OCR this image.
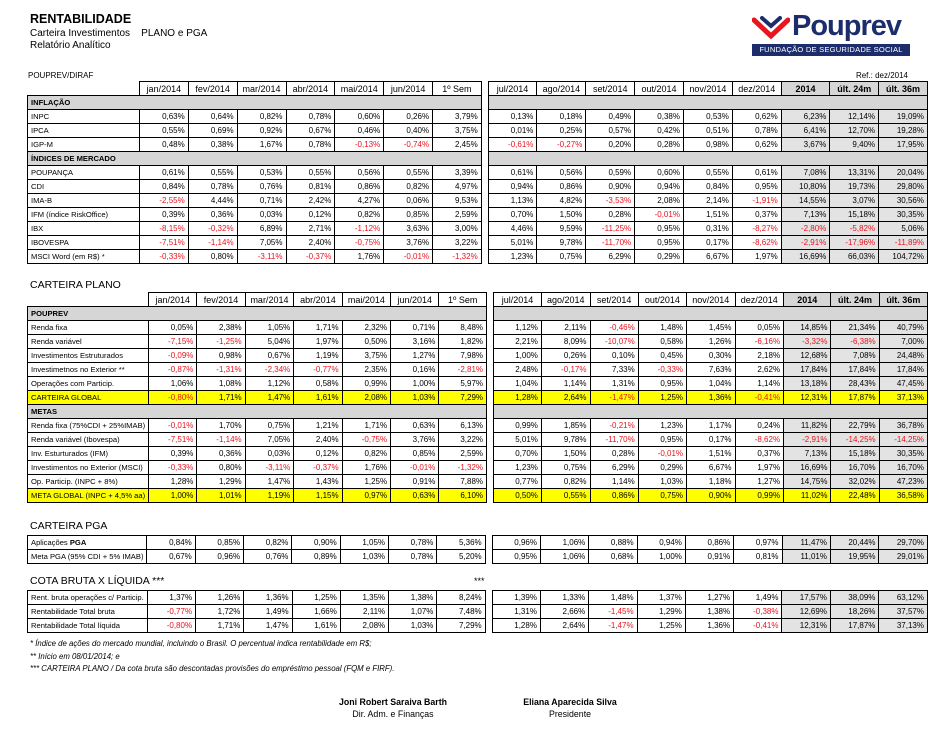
RENTABILIDADE
Carteira Investimentos PLANO e PGA
Relatório Analítico
Pouprev
FUNDAÇÃO DE SEGURIDADE SOCIAL
POUPREV/DIRAF	Ref.: dez/2014
	jan/2014	fev/2014	mar/2014	abr/2014	mai/2014	jun/2014	1º Sem		jul/2014	ago/2014	set/2014	out/2014	nov/2014	dez/2014	2014	últ. 24m	últ. 36m
INFLAÇÃO																	
INPC	0,63%	0,64%	0,82%	0,78%	0,60%	0,26%	3,79%		0,13%	0,18%	0,49%	0,38%	0,53%	0,62%	6,23%	12,14%	19,09%
IPCA	0,55%	0,69%	0,92%	0,67%	0,46%	0,40%	3,75%		0,01%	0,25%	0,57%	0,42%	0,51%	0,78%	6,41%	12,70%	19,28%
IGP-M	0,48%	0,38%	1,67%	0,78%	-0,13%	-0,74%	2,45%		-0,61%	-0,27%	0,20%	0,28%	0,98%	0,62%	3,67%	9,40%	17,95%
ÍNDICES DE MERCADO																	
POUPANÇA	0,61%	0,55%	0,53%	0,55%	0,56%	0,55%	3,39%		0,61%	0,56%	0,59%	0,60%	0,55%	0,61%	7,08%	13,31%	20,04%
CDI	0,84%	0,78%	0,76%	0,81%	0,86%	0,82%	4,97%		0,94%	0,86%	0,90%	0,94%	0,84%	0,95%	10,80%	19,73%	29,80%
IMA-B	-2,55%	4,44%	0,71%	2,42%	4,27%	0,06%	9,53%		1,13%	4,82%	-3,53%	2,08%	2,14%	-1,91%	14,55%	3,07%	30,56%
IFM (índice RiskOffice)	0,39%	0,36%	0,03%	0,12%	0,82%	0,85%	2,59%		0,70%	1,50%	0,28%	-0,01%	1,51%	0,37%	7,13%	15,18%	30,35%
IBX	-8,15%	-0,32%	6,89%	2,71%	-1,12%	3,63%	3,00%		4,46%	9,59%	-11,25%	0,95%	0,31%	-8,27%	-2,80%	-5,82%	5,06%
IBOVESPA	-7,51%	-1,14%	7,05%	2,40%	-0,75%	3,76%	3,22%		5,01%	9,78%	-11,70%	0,95%	0,17%	-8,62%	-2,91%	-17,96%	-11,89%
MSCI Word (em R$) *	-0,33%	0,80%	-3,11%	-0,37%	1,76%	-0,01%	-1,32%		1,23%	0,75%	6,29%	0,29%	6,67%	1,97%	16,69%	66,03%	104,72%
CARTEIRA PLANO
	jan/2014	fev/2014	mar/2014	abr/2014	mai/2014	jun/2014	1º Sem		jul/2014	ago/2014	set/2014	out/2014	nov/2014	dez/2014	2014	últ. 24m	últ. 36m
POUPREV																	
Renda fixa	0,05%	2,38%	1,05%	1,71%	2,32%	0,71%	8,48%		1,12%	2,11%	-0,46%	1,48%	1,45%	0,05%	14,85%	21,34%	40,79%
Renda variável	-7,15%	-1,25%	5,04%	1,97%	0,50%	3,16%	1,82%		2,21%	8,09%	-10,07%	0,58%	1,26%	-6,16%	-3,32%	-6,38%	7,00%
Investimentos Estruturados	-0,09%	0,98%	0,67%	1,19%	3,75%	1,27%	7,98%		1,00%	0,26%	0,10%	0,45%	0,30%	2,18%	12,68%	7,08%	24,48%
Investimetnos no Exterior **	-0,87%	-1,31%	-2,34%	-0,77%	2,35%	0,16%	-2,81%		2,48%	-0,17%	7,33%	-0,33%	7,63%	2,62%	17,84%	17,84%	17,84%
Operações com Particip.	1,06%	1,08%	1,12%	0,58%	0,99%	1,00%	5,97%		1,04%	1,14%	1,31%	0,95%	1,04%	1,14%	13,18%	28,43%	47,45%
CARTEIRA GLOBAL	-0,80%	1,71%	1,47%	1,61%	2,08%	1,03%	7,29%		1,28%	2,64%	-1,47%	1,25%	1,36%	-0,41%	12,31%	17,87%	37,13%
METAS																	
Renda fixa (75%CDI + 25%IMAB)	-0,01%	1,70%	0,75%	1,21%	1,71%	0,63%	6,13%		0,99%	1,85%	-0,21%	1,23%	1,17%	0,24%	11,82%	22,79%	36,78%
Renda variável (Ibovespa)	-7,51%	-1,14%	7,05%	2,40%	-0,75%	3,76%	3,22%		5,01%	9,78%	-11,70%	0,95%	0,17%	-8,62%	-2,91%	-14,25%	-14,25%
Inv. Esturturados (IFM)	0,39%	0,36%	0,03%	0,12%	0,82%	0,85%	2,59%		0,70%	1,50%	0,28%	-0,01%	1,51%	0,37%	7,13%	15,18%	30,35%
Investimentos no Exterior (MSCI)	-0,33%	0,80%	-3,11%	-0,37%	1,76%	-0,01%	-1,32%		1,23%	0,75%	6,29%	0,29%	6,67%	1,97%	16,69%	16,70%	16,70%
Op. Particip. (INPC + 8%)	1,28%	1,29%	1,47%	1,43%	1,25%	0,91%	7,88%		0,77%	0,82%	1,14%	1,03%	1,18%	1,27%	14,75%	32,02%	47,23%
META GLOBAL (INPC + 4,5% aa)	1,00%	1,01%	1,19%	1,15%	0,97%	0,63%	6,10%		0,50%	0,55%	0,86%	0,75%	0,90%	0,99%	11,02%	22,48%	36,58%
CARTEIRA PGA
Aplicações PGA	0,84%	0,85%	0,82%	0,90%	1,05%	0,78%	5,36%		0,96%	1,06%	0,88%	0,94%	0,86%	0,97%	11,47%	20,44%	29,70%
Meta PGA (95% CDI + 5% IMAB)	0,67%	0,96%	0,76%	0,89%	1,03%	0,78%	5,20%		0,95%	1,06%	0,68%	1,00%	0,91%	0,81%	11,01%	19,95%	29,01%
COTA BRUTA X LÍQUIDA ***	***
Rent. bruta operações c/ Particip.	1,37%	1,26%	1,36%	1,25%	1,35%	1,38%	8,24%		1,39%	1,33%	1,48%	1,37%	1,27%	1,49%	17,57%	38,09%	63,12%
Rentabilidade Total bruta	-0,77%	1,72%	1,49%	1,66%	2,11%	1,07%	7,48%		1,31%	2,66%	-1,45%	1,29%	1,38%	-0,38%	12,69%	18,26%	37,57%
Rentabilidade Total líquida	-0,80%	1,71%	1,47%	1,61%	2,08%	1,03%	7,29%		1,28%	2,64%	-1,47%	1,25%	1,36%	-0,41%	12,31%	17,87%	37,13%
* Índice de ações do mercado mundial, incluindo o Brasil. O percentual indica rentabilidade em R$;
** Início em 08/01/2014; e
*** CARTEIRA PLANO / Da cota bruta são descontadas provisões do empréstimo pessoal (FQM e FIRF).
Joni Robert Saraiva Barth
Dir. Adm. e Finanças
Eliana Aparecida Silva
Presidente
